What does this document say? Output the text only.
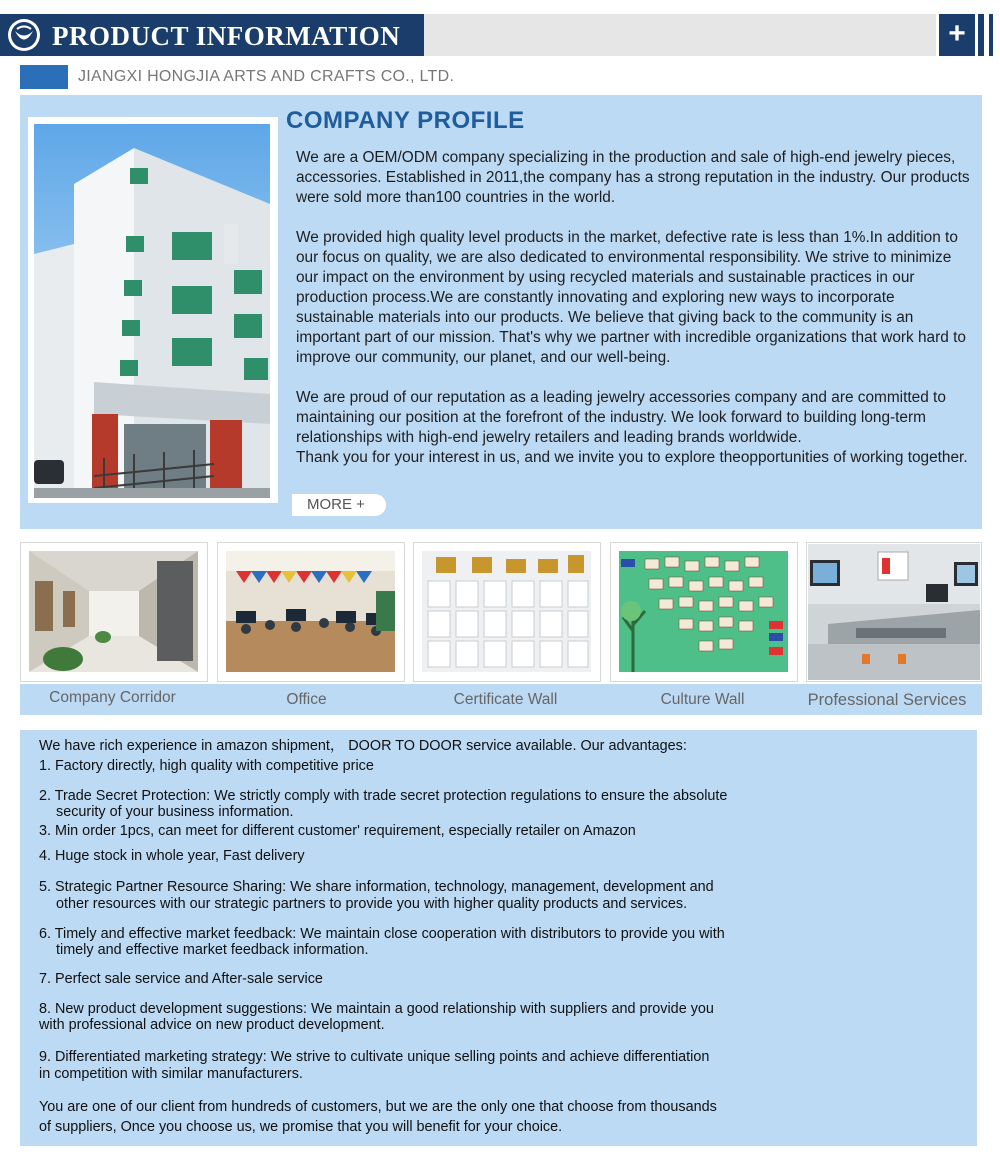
PRODUCT INFORMATION	+
JIANGXI HONGJIA ARTS AND CRAFTS CO., LTD.
COMPANY PROFILE
We are a OEM/ODM company specializing in the production and sale of high-end jewelry pieces, accessories. Established in 2011,the company has a strong reputation in the industry. Our products were sold more than100 countries in the world.
We provided high quality level products in the market, defective rate is less than 1%.In addition to our focus on quality, we are also dedicated to environmental responsibility. We strive to minimize our impact on the environment by using recycled materials and sustainable practices in our production process.We are constantly innovating and exploring new ways to incorporate sustainable materials into our products. We believe that giving back to the community is an important part of our mission. That's why we partner with incredible organizations that work hard to improve our community, our planet, and our well-being.
We are proud of our reputation as a leading jewelry accessories company and are committed to maintaining our position at the forefront of the industry. We look forward to building long-term relationships with high-end jewelry retailers and leading brands worldwide.
Thank you for your interest in us, and we invite you to explore theopportunities of working together.
MORE +
Company Corridor	Office	Certificate Wall	Culture Wall	Professional Services
We have rich experience in amazon shipment， DOOR TO DOOR service available. Our advantages:
1. Factory directly, high quality with competitive price
2. Trade Secret Protection: We strictly comply with trade secret protection regulations to ensure the absolute
security of your business information.
3. Min order 1pcs, can meet for different customer' requirement, especially retailer on Amazon
4. Huge stock in whole year, Fast delivery
5. Strategic Partner Resource Sharing: We share information, technology, management, development and
other resources with our strategic partners to provide you with higher quality products and services.
6. Timely and effective market feedback: We maintain close cooperation with distributors to provide you with
timely and effective market feedback information.
7. Perfect sale service and After-sale service
8. New product development suggestions: We maintain a good relationship with suppliers and provide you
with professional advice on new product development.
9. Differentiated marketing strategy: We strive to cultivate unique selling points and achieve differentiation
in competition with similar manufacturers.
You are one of our client from hundreds of customers, but we are the only one that choose from thousands
of suppliers, Once you choose us, we promise that you will benefit for your choice.
